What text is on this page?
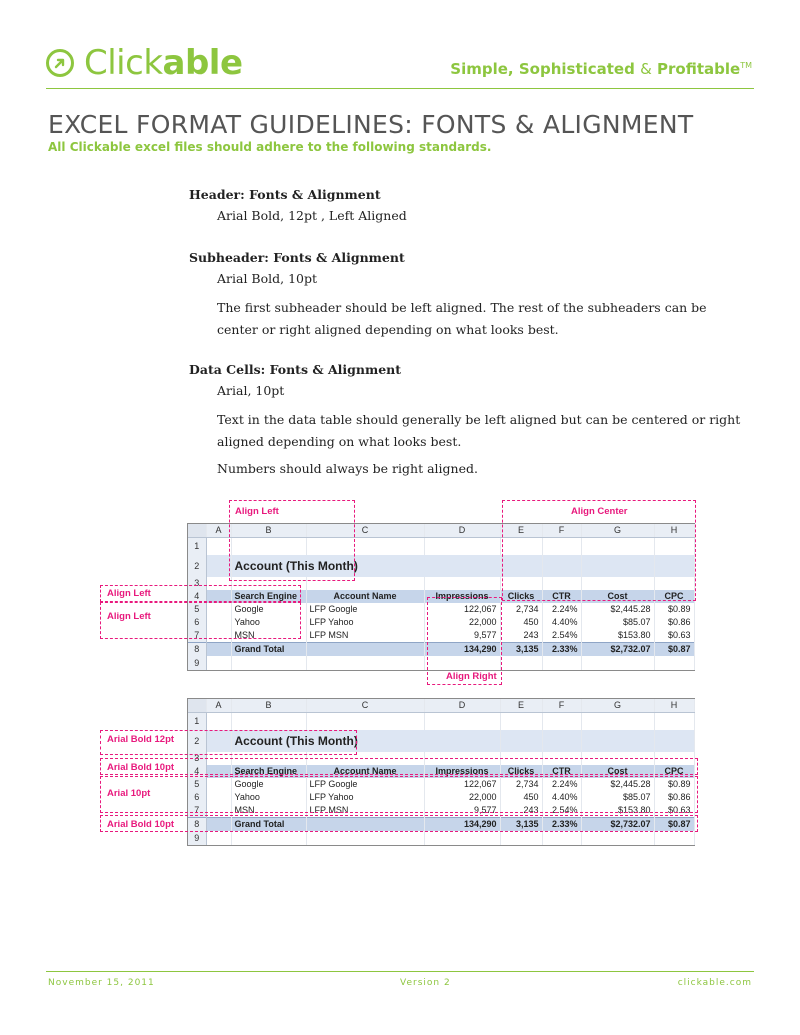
Clickable	Simple, Sophisticated & Profitable™
EXCEL FORMAT GUIDELINES: FONTS & ALIGNMENT
All Clickable excel files should adhere to the following standards.
Header: Fonts & Alignment
Arial Bold, 12pt , Left Aligned
Subheader: Fonts & Alignment
Arial Bold, 10pt
The first subheader should be left aligned. The rest of the subheaders can be center or right aligned depending on what looks best.
Data Cells: Fonts & Alignment
Arial, 10pt
Text in the data table should generally be left aligned but can be centered or right aligned depending on what looks best.
Numbers should always be right aligned.
	A	B	C	D	E	F	G	H
1								
2		Account (This Month)						
3								
4		Search Engine	Account Name	Impressions	Clicks	CTR	Cost	CPC
5		Google	LFP Google	122,067	2,734	2.24%	$2,445.28	$0.89
6		Yahoo	LFP Yahoo	22,000	450	4.40%	$85.07	$0.86
7		MSN	LFP MSN	9,577	243	2.54%	$153.80	$0.63
8		Grand Total		134,290	3,135	2.33%	$2,732.07	$0.87
9								
Align Left	Align Center
Align Left
Align Left
Align Right
	A	B	C	D	E	F	G	H
1								
2		Account (This Month)						
3								
4		Search Engine	Account Name	Impressions	Clicks	CTR	Cost	CPC
5		Google	LFP Google	122,067	2,734	2.24%	$2,445.28	$0.89
6		Yahoo	LFP Yahoo	22,000	450	4.40%	$85.07	$0.86
7		MSN	LFP MSN	9,577	243	2.54%	$153.80	$0.63
8		Grand Total		134,290	3,135	2.33%	$2,732.07	$0.87
9								
Arial Bold 12pt
Arial Bold 10pt
Arial 10pt
Arial Bold 10pt
November 15, 2011	Version 2	clickable.com
